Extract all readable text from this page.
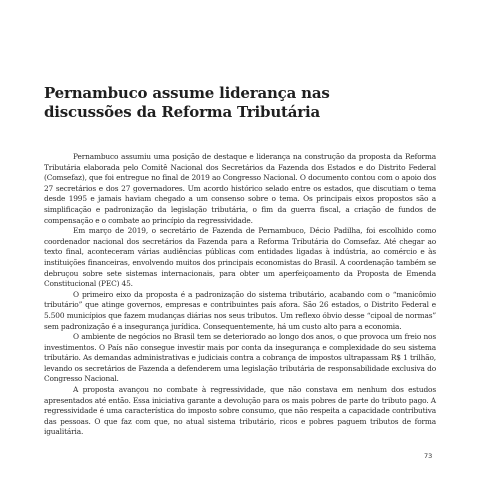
Pernambuco assume liderança nas
discussões da Reforma Tributária

Pernambuco assumiu uma posição de destaque e liderança na construção da proposta da Reforma Tributária elaborada pelo Comitê Nacional dos Secretários da Fazenda dos Estados e do Distrito Federal (Comsefaz), que foi entregue no final de 2019 ao Congresso Nacional. O documento contou com o apoio dos 27 secretários e dos 27 governadores. Um acordo histórico selado entre os estados, que discutiam o tema desde 1995 e jamais haviam chegado a um consenso sobre o tema. Os principais eixos propostos são a simplificação e padronização da legislação tributária, o fim da guerra fiscal, a criação de fundos de compensação e o combate ao princípio da regressividade.

Em março de 2019, o secretário de Fazenda de Pernambuco, Décio Padilha, foi escolhido como coordenador nacional dos secretários da Fazenda para a Reforma Tributária do Comsefaz. Até chegar ao texto final, aconteceram várias audiências públicas com entidades ligadas à indústria, ao comércio e às instituições financeiras, envolvendo muitos dos principais economistas do Brasil. A coordenação também se debruçou sobre sete sistemas internacionais, para obter um aperfeiçoamento da Proposta de Emenda Constitucional (PEC) 45.

O primeiro eixo da proposta é a padronização do sistema tributário, acabando com o “manicômio tributário” que atinge governos, empresas e contribuintes país afora. São 26 estados, o Distrito Federal e 5.500 municípios que fazem mudanças diárias nos seus tributos. Um reflexo óbvio desse “cipoal de normas” sem padronização é a insegurança jurídica. Consequentemente, há um custo alto para a economia.

O ambiente de negócios no Brasil tem se deteriorado ao longo dos anos, o que provoca um freio nos investimentos. O País não consegue investir mais por conta da insegurança e complexidade do seu sistema tributário. As demandas administrativas e judiciais contra a cobrança de impostos ultrapassam R$ 1 trilhão, levando os secretários de Fazenda a defenderem uma legislação tributária de responsabilidade exclusiva do Congresso Nacional.

A proposta avançou no combate à regressividade, que não constava em nenhum dos estudos apresentados até então. Essa iniciativa garante a devolução para os mais pobres de parte do tributo pago. A regressividade é uma característica do imposto sobre consumo, que não respeita a capacidade contributiva das pessoas. O que faz com que, no atual sistema tributário, ricos e pobres paguem tributos de forma igualitária.

73
